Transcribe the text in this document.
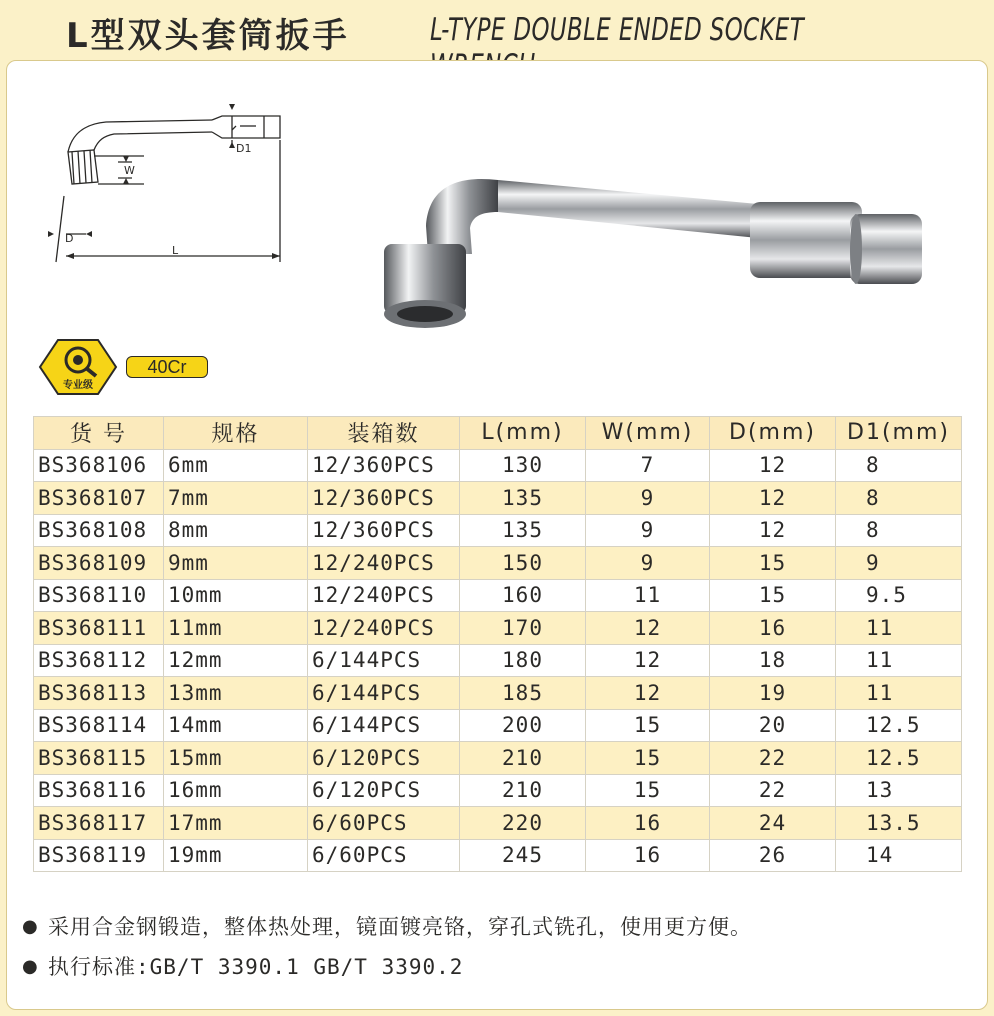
L型双头套筒扳手	L-TYPE DOUBLE ENDED SOCKET
W
D1
D
L
专业级
40Cr
货 号	规格	装箱数	L(mm)	W(mm)	D(mm)	D1(mm)
BS368106	6mm	12/360PCS	130	7	12	8
BS368107	7mm	12/360PCS	135	9	12	8
BS368108	8mm	12/360PCS	135	9	12	8
BS368109	9mm	12/240PCS	150	9	15	9
BS368110	10mm	12/240PCS	160	11	15	9.5
BS368111	11mm	12/240PCS	170	12	16	11
BS368112	12mm	6/144PCS	180	12	18	11
BS368113	13mm	6/144PCS	185	12	19	11
BS368114	14mm	6/144PCS	200	15	20	12.5
BS368115	15mm	6/120PCS	210	15	22	12.5
BS368116	16mm	6/120PCS	210	15	22	13
BS368117	17mm	6/60PCS	220	16	24	13.5
BS368119	19mm	6/60PCS	245	16	26	14
● 采用合金钢锻造，整体热处理，镜面镀亮铬，穿孔式铣孔，使用更方便。
● 执行标准:GB/T 3390.1 GB/T 3390.2
